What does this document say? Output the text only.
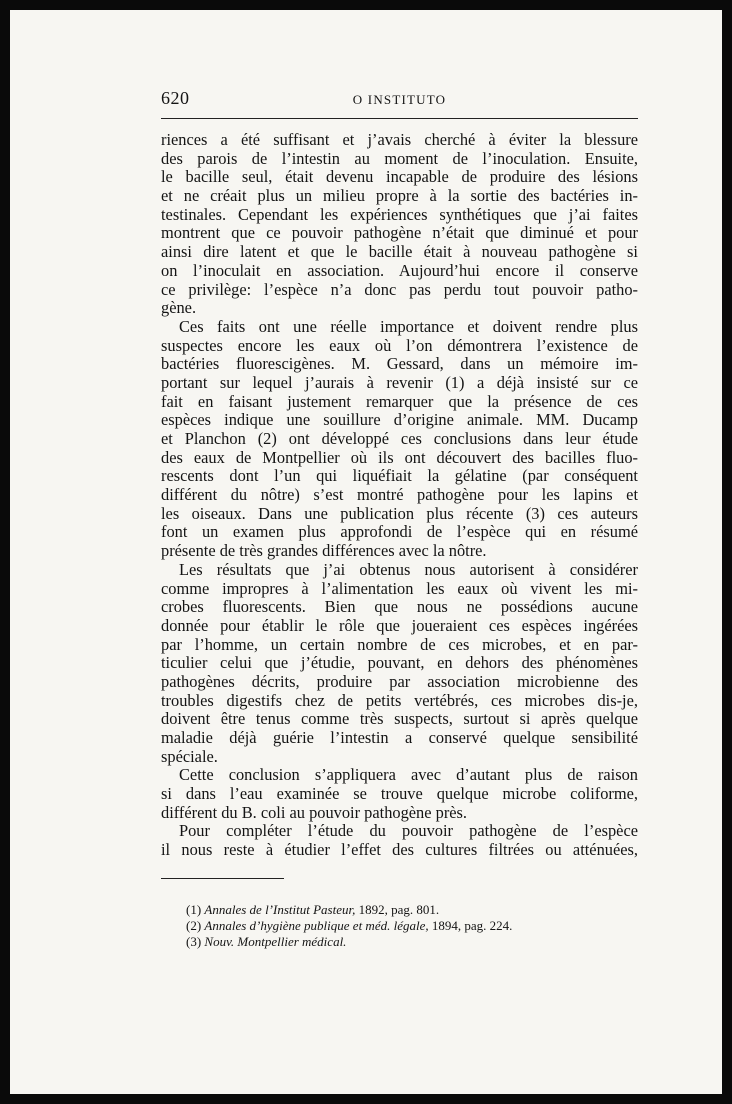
620	O INSTITUTO
riences a été suffisant et j’avais cherché à éviter la blessure
des parois de l’intestin au moment de l’inoculation. Ensuite,
le bacille seul, était devenu incapable de produire des lésions
et ne créait plus un milieu propre à la sortie des bactéries in-
testinales. Cependant les expériences synthétiques que j’ai faites
montrent que ce pouvoir pathogène n’était que diminué et pour
ainsi dire latent et que le bacille était à nouveau pathogène si
on l’inoculait en association. Aujourd’hui encore il conserve
ce privilège: l’espèce n’a donc pas perdu tout pouvoir patho-
gène.
Ces faits ont une réelle importance et doivent rendre plus
suspectes encore les eaux où l’on démontrera l’existence de
bactéries fluorescigènes. M. Gessard, dans un mémoire im-
portant sur lequel j’aurais à revenir (1) a déjà insisté sur ce
fait en faisant justement remarquer que la présence de ces
espèces indique une souillure d’origine animale. MM. Ducamp
et Planchon (2) ont développé ces conclusions dans leur étude
des eaux de Montpellier où ils ont découvert des bacilles fluo-
rescents dont l’un qui liquéfiait la gélatine (par conséquent
différent du nôtre) s’est montré pathogène pour les lapins et
les oiseaux. Dans une publication plus récente (3) ces auteurs
font un examen plus approfondi de l’espèce qui en résumé
présente de très grandes différences avec la nôtre.
Les résultats que j’ai obtenus nous autorisent à considérer
comme impropres à l’alimentation les eaux où vivent les mi-
crobes fluorescents. Bien que nous ne possédions aucune
donnée pour établir le rôle que joueraient ces espèces ingérées
par l’homme, un certain nombre de ces microbes, et en par-
ticulier celui que j’étudie, pouvant, en dehors des phénomènes
pathogènes décrits, produire par association microbienne des
troubles digestifs chez de petits vertébrés, ces microbes dis-je,
doivent être tenus comme très suspects, surtout si après quelque
maladie déjà guérie l’intestin a conservé quelque sensibilité
spéciale.
Cette conclusion s’appliquera avec d’autant plus de raison
si dans l’eau examinée se trouve quelque microbe coliforme,
différent du B. coli au pouvoir pathogène près.
Pour compléter l’étude du pouvoir pathogène de l’espèce
il nous reste à étudier l’effet des cultures filtrées ou atténuées,
(1) Annales de l’Institut Pasteur, 1892, pag. 801.
(2) Annales d’hygiène publique et méd. légale, 1894, pag. 224.
(3) Nouv. Montpellier médical.
